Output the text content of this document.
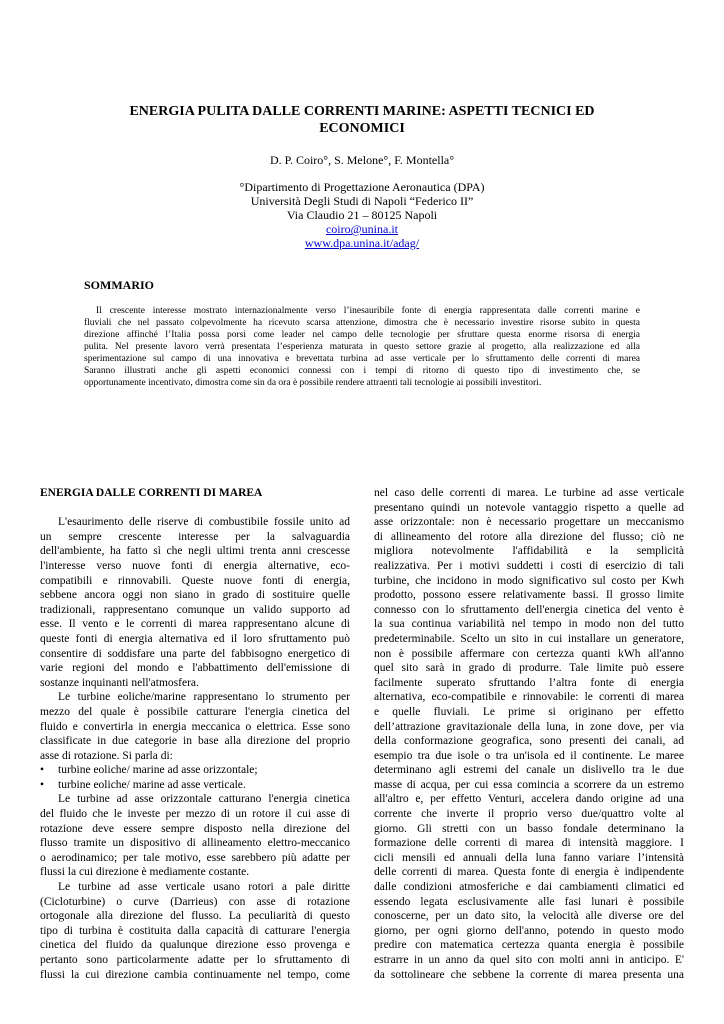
ENERGIA PULITA DALLE CORRENTI MARINE: ASPETTI TECNICI ED
ECONOMICI
D. P. Coiro°, S. Melone°, F. Montella°
°Dipartimento di Progettazione Aeronautica (DPA)
Università Degli Studi di Napoli “Federico II”
Via Claudio 21 – 80125 Napoli
coiro@unina.it
www.dpa.unina.it/adag/
SOMMARIO
Il crescente interesse mostrato internazionalmente verso l’inesauribile fonte di energia rappresentata dalle correnti marine e
fluviali che nel passato colpevolmente ha ricevuto scarsa attenzione, dimostra che è necessario investire risorse subito in questa
direzione affinché l’Italia possa porsi come leader nel campo delle tecnologie per sfruttare questa enorme risorsa di energia
pulita. Nel presente lavoro verrà presentata l’esperienza maturata in questo settore grazie al progetto, alla realizzazione ed alla
sperimentazione sul campo di una innovativa e brevettata turbina ad asse verticale per lo sfruttamento delle correnti di marea
Saranno illustrati anche gli aspetti economici connessi con i tempi di ritorno di questo tipo di investimento che, se
opportunamente incentivato, dimostra come sin da ora è possibile rendere attraenti tali tecnologie ai possibili investitori.
ENERGIA DALLE CORRENTI DI MAREA
L'esaurimento delle riserve di combustibile fossile unito ad
un sempre crescente interesse per la salvaguardia
dell'ambiente, ha fatto sì che negli ultimi trenta anni crescesse
l'interesse verso nuove fonti di energia alternative, eco-
compatibili e rinnovabili. Queste nuove fonti di energia,
sebbene ancora oggi non siano in grado di sostituire quelle
tradizionali, rappresentano comunque un valido supporto ad
esse. Il vento e le correnti di marea rappresentano alcune di
queste fonti di energia alternativa ed il loro sfruttamento può
consentire di soddisfare una parte del fabbisogno energetico di
varie regioni del mondo e l'abbattimento dell'emissione di
sostanze inquinanti nell'atmosfera.
Le turbine eoliche/marine rappresentano lo strumento per
mezzo del quale è possibile catturare l'energia cinetica del
fluido e convertirla in energia meccanica o elettrica. Esse sono
classificate in due categorie in base alla direzione del proprio
asse di rotazione. Si parla di:
• turbine eoliche/ marine ad asse orizzontale;
• turbine eoliche/ marine ad asse verticale.
Le turbine ad asse orizzontale catturano l'energia cinetica
del fluido che le investe per mezzo di un rotore il cui asse di
rotazione deve essere sempre disposto nella direzione del
flusso tramite un dispositivo di allineamento elettro-meccanico
o aerodinamico; per tale motivo, esse sarebbero più adatte per
flussi la cui direzione è mediamente costante.
Le turbine ad asse verticale usano rotori a pale diritte
(Cicloturbine) o curve (Darrieus) con asse di rotazione
ortogonale alla direzione del flusso. La peculiarità di questo
tipo di turbina è costituita dalla capacità di catturare l'energia
cinetica del fluido da qualunque direzione esso provenga e
pertanto sono particolarmente adatte per lo sfruttamento di
flussi la cui direzione cambia continuamente nel tempo, come
nel caso delle correnti di marea. Le turbine ad asse verticale
presentano quindi un notevole vantaggio rispetto a quelle ad
asse orizzontale: non è necessario progettare un meccanismo
di allineamento del rotore alla direzione del flusso; ciò ne
migliora notevolmente l'affidabilità e la semplicità
realizzativa. Per i motivi suddetti i costi di esercizio di tali
turbine, che incidono in modo significativo sul costo per Kwh
prodotto, possono essere relativamente bassi. Il grosso limite
connesso con lo sfruttamento dell'energia cinetica del vento è
la sua continua variabilità nel tempo in modo non del tutto
predeterminabile. Scelto un sito in cui installare un generatore,
non è possibile affermare con certezza quanti kWh all'anno
quel sito sarà in grado di produrre. Tale limite può essere
facilmente superato sfruttando l’altra fonte di energia
alternativa, eco-compatibile e rinnovabile: le correnti di marea
e quelle fluviali. Le prime si originano per effetto
dell’attrazione gravitazionale della luna, in zone dove, per via
della conformazione geografica, sono presenti dei canali, ad
esempio tra due isole o tra un'isola ed il continente. Le maree
determinano agli estremi del canale un dislivello tra le due
masse di acqua, per cui essa comincia a scorrere da un estremo
all'altro e, per effetto Venturi, accelera dando origine ad una
corrente che inverte il proprio verso due/quattro volte al
giorno. Gli stretti con un basso fondale determinano la
formazione delle correnti di marea di intensità maggiore. I
cicli mensili ed annuali della luna fanno variare l’intensità
delle correnti di marea. Questa fonte di energia è indipendente
dalle condizioni atmosferiche e dai cambiamenti climatici ed
essendo legata esclusivamente alle fasi lunari è possibile
conoscerne, per un dato sito, la velocità alle diverse ore del
giorno, per ogni giorno dell'anno, potendo in questo modo
predire con matematica certezza quanta energia è possibile
estrarre in un anno da quel sito con molti anni in anticipo. E'
da sottolineare che sebbene la corrente di marea presenta una
